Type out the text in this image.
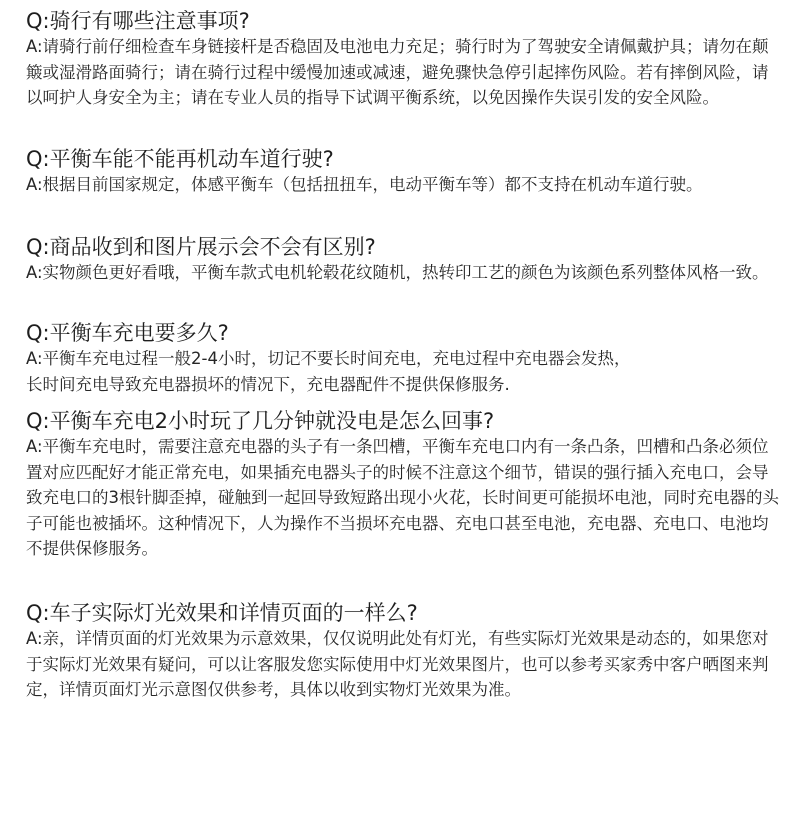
Q:骑行有哪些注意事项?

A:请骑行前仔细检查车身链接杆是否稳固及电池电力充足；骑行时为了驾驶安全请佩戴护具；请勿在颠簸或湿滑路面骑行；请在骑行过程中缓慢加速或减速，避免骤快急停引起摔伤风险。若有摔倒风险，请以呵护人身安全为主；请在专业人员的指导下试调平衡系统，以免因操作失误引发的安全风险。

Q:平衡车能不能再机动车道行驶?

A:根据目前国家规定，体感平衡车（包括扭扭车，电动平衡车等）都不支持在机动车道行驶。

Q:商品收到和图片展示会不会有区别?

A:实物颜色更好看哦，平衡车款式电机轮毂花纹随机，热转印工艺的颜色为该颜色系列整体风格一致。

Q:平衡车充电要多久?

A:平衡车充电过程一般2-4小时，切记不要长时间充电，充电过程中充电器会发热，

长时间充电导致充电器损坏的情况下，充电器配件不提供保修服务.

Q:平衡车充电2小时玩了几分钟就没电是怎么回事?

A:平衡车充电时，需要注意充电器的头子有一条凹槽，平衡车充电口内有一条凸条，凹槽和凸条必须位置对应匹配好才能正常充电，如果插充电器头子的时候不注意这个细节，错误的强行插入充电口，会导致充电口的3根针脚歪掉，碰触到一起回导致短路出现小火花，长时间更可能损坏电池，同时充电器的头子可能也被插坏。这种情况下，人为操作不当损坏充电器、充电口甚至电池，充电器、充电口、电池均不提供保修服务。

Q:车子实际灯光效果和详情页面的一样么?

A:亲，详情页面的灯光效果为示意效果，仅仅说明此处有灯光，有些实际灯光效果是动态的，如果您对于实际灯光效果有疑问，可以让客服发您实际使用中灯光效果图片，也可以参考买家秀中客户晒图来判定，详情页面灯光示意图仅供参考，具体以收到实物灯光效果为准。
